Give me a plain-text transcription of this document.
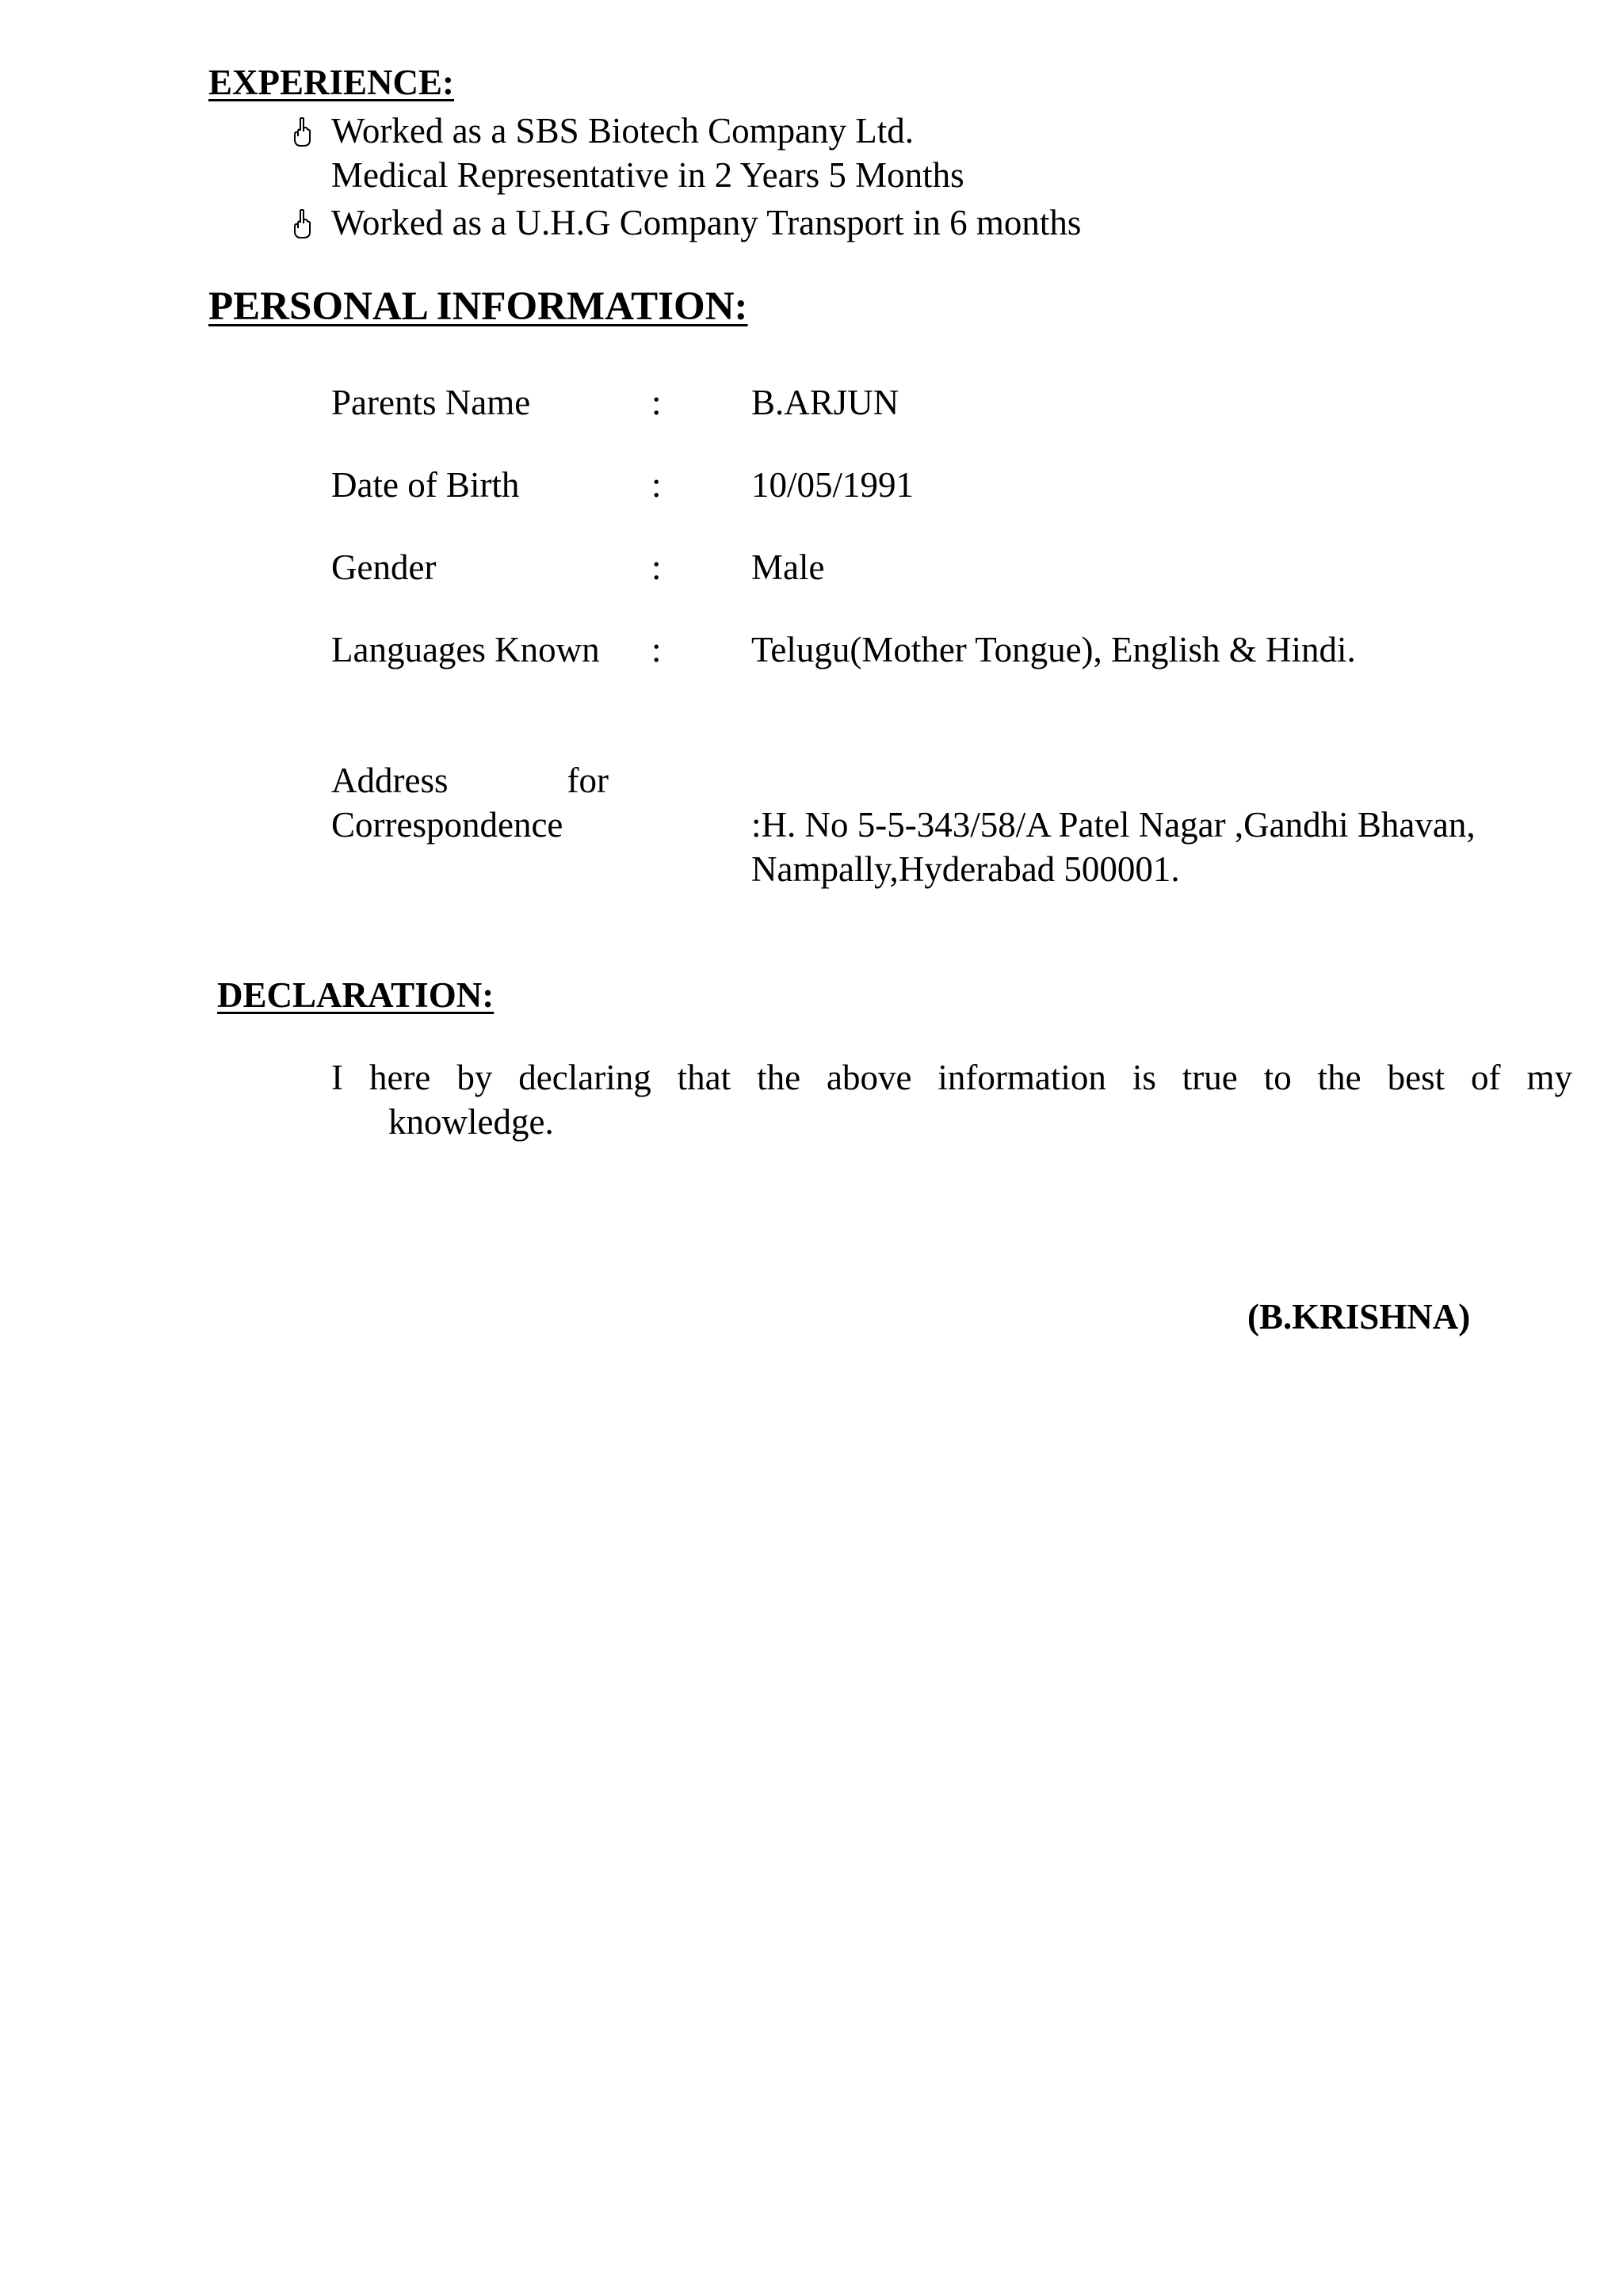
EXPERIENCE:
Worked as a SBS Biotech Company Ltd.
Medical Representative in 2 Years 5 Months
Worked as a U.H.G Company Transport in 6 months
PERSONAL INFORMATION:
Parents Name	:	B.ARJUN
Date of Birth	:	10/05/1991
Gender	:	Male
Languages Known :	Telugu(Mother Tongue), English & Hindi.
Address for
Correspondence	:H. No 5-5-343/58/A Patel Nagar ,Gandhi Bhavan,
Nampally,Hyderabad 500001.
DECLARATION:
I here by declaring that the above information is true to the best of my
knowledge.
(B.KRISHNA)
